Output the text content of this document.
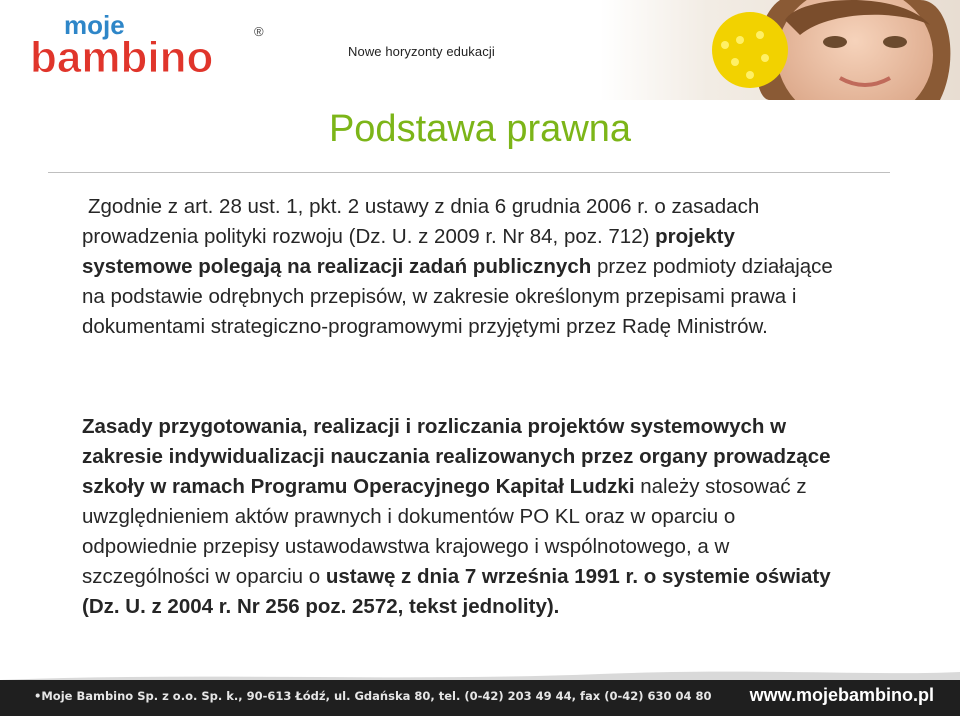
moje
bambino
®
Nowe horyzonty edukacji
Podstawa prawna
Zgodnie z art. 28 ust. 1, pkt. 2 ustawy z dnia 6 grudnia 2006 r. o zasadach
prowadzenia polityki rozwoju (Dz. U. z 2009 r. Nr 84, poz. 712) projekty systemowe polegają na realizacji zadań publicznych przez podmioty działające na podstawie odrębnych przepisów, w zakresie określonym przepisami prawa i dokumentami strategiczno-programowymi przyjętymi przez Radę Ministrów.
Zasady przygotowania, realizacji i rozliczania projektów systemowych w zakresie indywidualizacji nauczania realizowanych przez organy prowadzące szkoły w ramach Programu Operacyjnego Kapitał Ludzki należy stosować z uwzględnieniem aktów prawnych i dokumentów PO KL oraz w oparciu o odpowiednie przepisy ustawodawstwa krajowego i wspólnotowego, a w szczególności w oparciu o ustawę z dnia 7 września 1991 r. o systemie oświaty (Dz. U. z 2004 r. Nr 256 poz. 2572, tekst jednolity).
•Moje Bambino Sp. z o.o. Sp. k., 90-613 Łódź, ul. Gdańska 80, tel. (0-42) 203 49 44, fax (0-42) 630 04 80 www.mojebambino.pl
